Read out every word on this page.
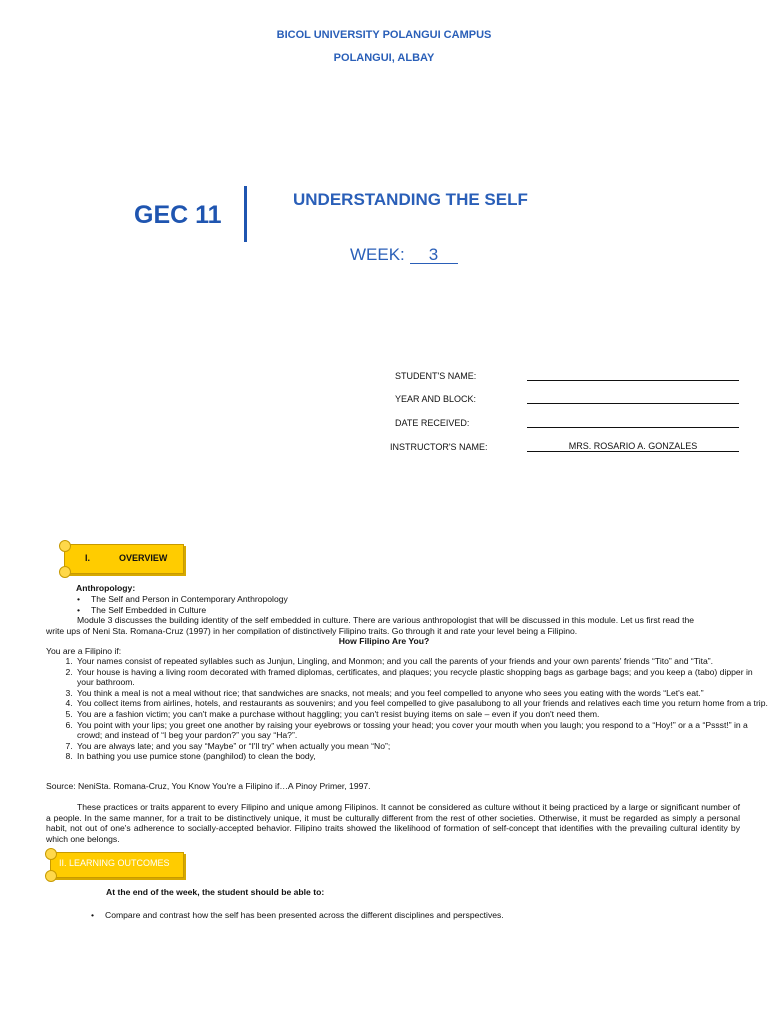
BICOL UNIVERSITY POLANGUI CAMPUS
POLANGUI, ALBAY
GEC 11
UNDERSTANDING THE SELF
WEEK: 3
STUDENT'S NAME:
YEAR AND BLOCK:
DATE RECEIVED:
INSTRUCTOR'S NAME:	MRS. ROSARIO A. GONZALES
I.	OVERVIEW
Anthropology:
• The Self and Person in Contemporary Anthropology
• The Self Embedded in Culture
Module 3 discusses the building identity of the self embedded in culture. There are various anthropologist that will be discussed in this module. Let us first read the
write ups of Neni Sta. Romana-Cruz (1997) in her compilation of distinctively Filipino traits. Go through it and rate your level being a Filipino.
How Filipino Are You?
You are a Filipino if:
1. Your names consist of repeated syllables such as Junjun, Lingling, and Monmon; and you call the parents of your friends and your own parents' friends “Tito” and “Tita”.
2. Your house is having a living room decorated with framed diplomas, certificates, and plaques; you recycle plastic shopping bags as garbage bags; and you keep a (tabo) dipper in your bathroom.
3. You think a meal is not a meal without rice; that sandwiches are snacks, not meals; and you feel compelled to anyone who sees you eating with the words “Let's eat.”
4. You collect items from airlines, hotels, and restaurants as souvenirs; and you feel compelled to give pasalubong to all your friends and relatives each time you return home from a trip.
5. You are a fashion victim; you can't make a purchase without haggling; you can't resist buying items on sale – even if you don't need them.
6. You point with your lips; you greet one another by raising your eyebrows or tossing your head; you cover your mouth when you laugh; you respond to a “Hoy!” or a a “Pssst!” in a crowd; and instead of “I beg your pardon?” you say “Ha?”.
7. You are always late; and you say “Maybe” or “I'll try” when actually you mean “No”;
8. In bathing you use pumice stone (panghilod) to clean the body,
Source: NeniSta. Romana-Cruz, You Know You're a Filipino if…A Pinoy Primer, 1997.
These practices or traits apparent to every Filipino and unique among Filipinos. It cannot be considered as culture without it being practiced by a large or significant number of a people. In the same manner, for a trait to be distinctively unique, it must be culturally different from the rest of other societies. Otherwise, it must be regarded as simply a personal habit, not out of one's adherence to socially-accepted behavior. Filipino traits showed the likelihood of formation of self-concept that identifies with the prevailing cultural identity by which one belongs.
II. LEARNING OUTCOMES
At the end of the week, the student should be able to:
• Compare and contrast how the self has been presented across the different disciplines and perspectives.
